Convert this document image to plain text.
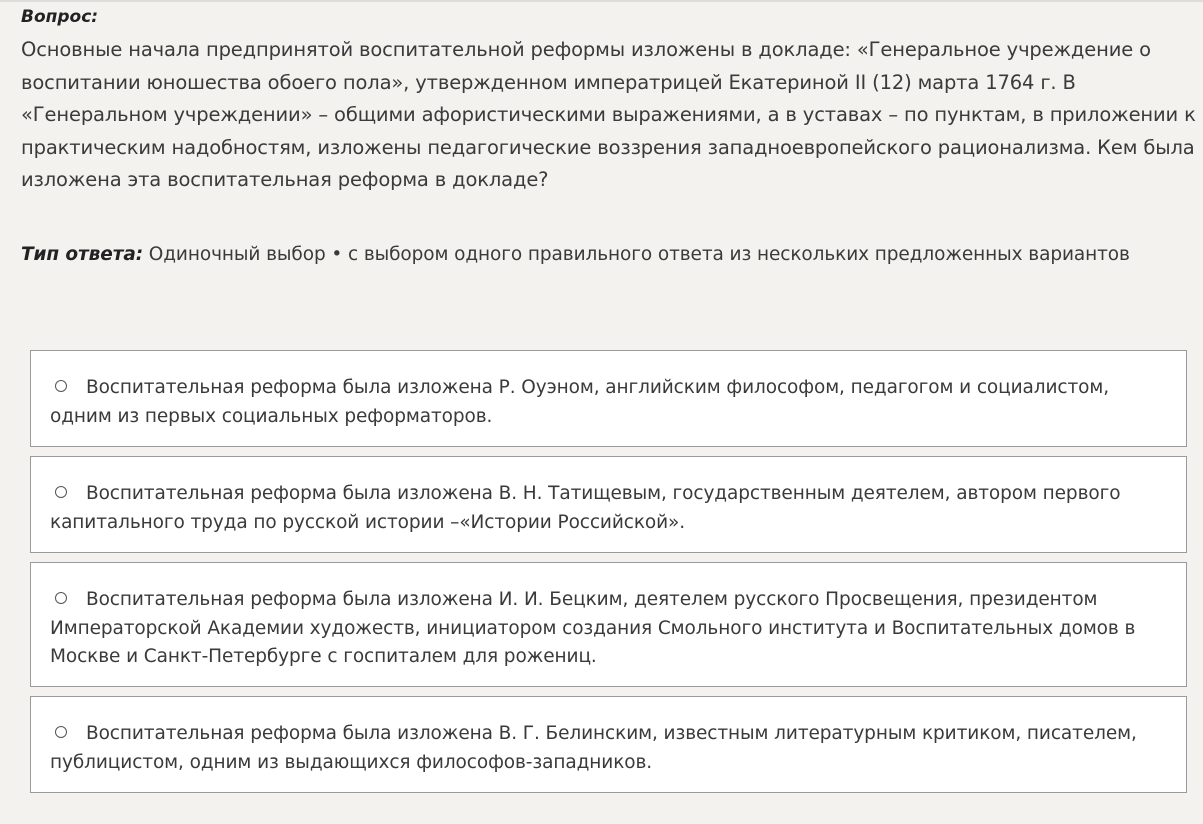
Вопрос:
Основные начала предпринятой воспитательной реформы изложены в докладе: «Генеральное учреждение о воспитании юношества обоего пола», утвержденном императрицей Екатериной II (12) марта 1764 г. В «Генеральном учреждении» – общими афористическими выражениями, а в уставах – по пунктам, в приложении к практическим надобностям, изложены педагогические воззрения западноевропейского рационализма. Кем была изложена эта воспитательная реформа в докладе?
Тип ответа: Одиночный выбор • с выбором одного правильного ответа из нескольких предложенных вариантов
Воспитательная реформа была изложена Р. Оуэном, английским философом, педагогом и социалистом, одним из первых социальных реформаторов.
Воспитательная реформа была изложена В. Н. Татищевым, государственным деятелем, автором первого капитального труда по русской истории –«Истории Российской».
Воспитательная реформа была изложена И. И. Бецким, деятелем русского Просвещения, президентом Императорской Академии художеств, инициатором создания Смольного института и Воспитательных домов в Москве и Санкт-Петербурге с госпиталем для рожениц.
Воспитательная реформа была изложена В. Г. Белинским, известным литературным критиком, писателем, публицистом, одним из выдающихся философов-западников.
